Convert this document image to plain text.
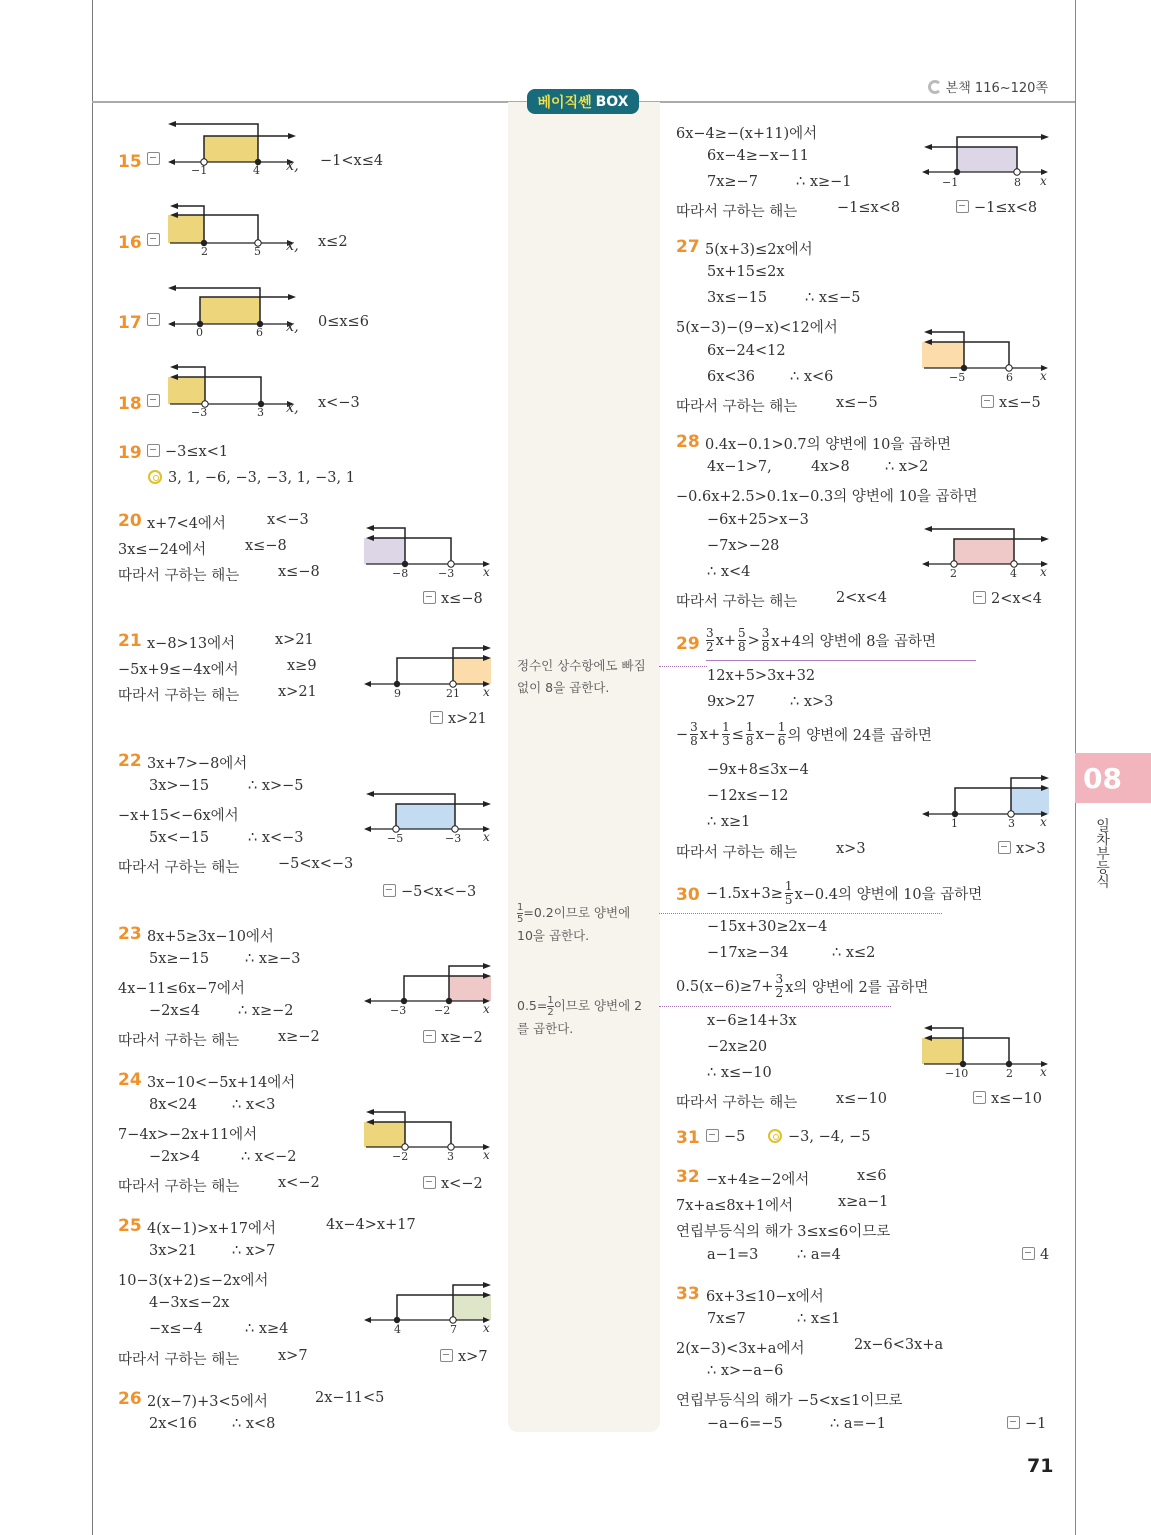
본책 116~120쪽
베이직쎈 BOX
15	−1	4 x, −1<x≤4
16	2	5 x, x≤2
17	0	6 x, 0≤x≤6
18	−3	3 x, x<−3
19	−3≤x<1
3, 1, −6, −3, −3, 1, −3, 1
20 x+7<4에서	x<−3
3x≤−24에서	x≤−8
따라서 구하는 해는	x≤−8	−8	−3 x
x≤−8
21 x−8>13에서	x>21
−5x+9≤−4x에서	x≥9
따라서 구하는 해는	x>21	9	21 x
x>21
22 3x+7>−8에서
3x>−15	∴ x>−5
−x+15<−6x에서
5x<−15	∴ x<−3
따라서 구하는 해는	−5<x<−3
−5	−3 x
−5<x<−3
23 8x+5≥3x−10에서
5x≥−15 ∴ x≥−3
4x−11≤6x−7에서
−2x≤4	∴ x≥−2
따라서 구하는 해는	x≥−2
−3	−2	x
x≥−2
24 3x−10<−5x+14에서
8x<24 ∴ x<3
7−4x>−2x+11에서
−2x>4	∴ x<−2
따라서 구하는 해는	x<−2
−2	3 x
x<−2
25 4(x−1)>x+17에서	4x−4>x+17
3x>21 ∴ x>7
10−3(x+2)≤−2x에서
4−3x≤−2x
−x≤−4	∴ x≥4
따라서 구하는 해는	x>7
4	7 x
x>7
26 2(x−7)+3<5에서	2x−11<5
2x<16 ∴ x<8
정수인 상수항에도 빠짐
없이 8을 곱한다.
$\frac{1}{5} =0.2$이므로 양변에
10을 곱한다.
$0.5= \frac{1}{2}$ 이므로 양변에 2
를 곱한다.
6x−4≥−(x+11)에서
6x−4≥−x−11
7x≥−7	∴ x≥−1
따라서 구하는 해는	−1≤x<8
−1	8 x
−1≤x<8
27 5(x+3)≤2x에서
5x+15≤2x
3x≤−15	∴ x≤−5
5(x−3)−(9−x)<12에서
6x−24<12
6x<36 ∴ x<6
따라서 구하는 해는	x≤−5
−5	6 x
x≤−5
28 0.4x−0.1>0.7의 양변에 10을 곱하면
4x−1>7,	4x>8 ∴ x>2
−0.6x+2.5>0.1x−0.3의 양변에 10을 곱하면
−6x+25>x−3
−7x>−28
∴ x<4
따라서 구하는 해는	2<x<4
2	4 x
2<x<4
29
3
2 $x+ \frac{5}{8} > 3$
8 x+4의 양변에 8을 곱하면
12x+5>3x+32
9x>27 ∴ x>3
− $\frac{3}{8} x+ \frac{1}{3} \le \frac{1}{8} x- \frac{1}{6}$ 의 양변에 24를 곱하면
−9x+8≤3x−4
−12x≤−12
∴ x≥1
따라서 구하는 해는	x>3
1	3 x
x>3
$30 -1.5x+3\ge \frac{1}{5} x-0.4$의 양변에 10을 곱하면
−15x+30≥2x−4
−17x≥−34	∴ x≤2
$0.5(x-6)\ge 7+ \frac{3}{2}$ x의 양변에 2를 곱하면
x−6≥14+3x
−2x≥20
∴ x≤−10
따라서 구하는 해는	x≤−10
−10	2 x
x≤−10
31	−5	−3, −4, −5
32 −x+4≥−2에서	x≤6
7x+a≤8x+1에서	x≥a−1
연립부등식의 해가 3≤x≤6이므로
a−1=3	∴ a=4	4
33 6x+3≤10−x에서
7x≤7	∴ x≤1
2(x−3)<3x+a에서	2x−6<3x+a
∴ x>−a−6
연립부등식의 해가 −5<x≤1이므로
−a−6=−5	∴ a=−1	−1
08
일차부등식
71
